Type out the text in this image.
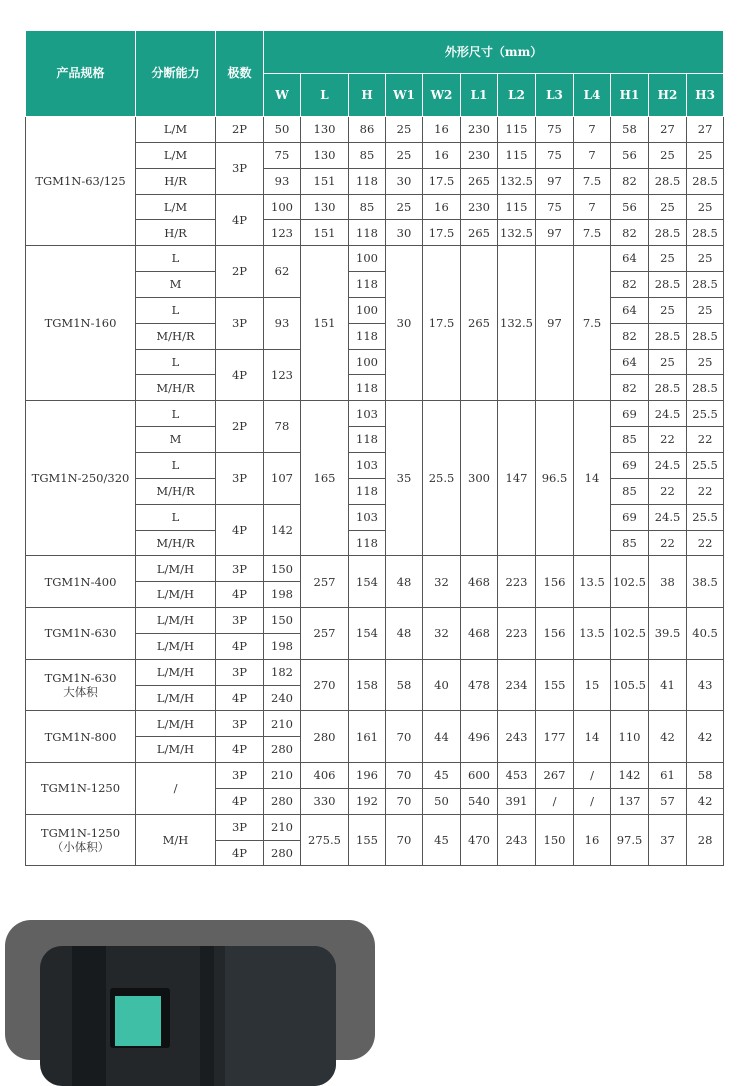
产品规格	分断能力	极数	外形尺寸（mm）											
			W	L	H	W1	W2	L1	L2	L3	L4	H1	H2	H3
TGM1N-63/125	L/M	2P	50	130	86	25	16	230	115	75	7	58	27	27
	L/M	3P	75	130	85	25	16	230	115	75	7	56	25	25
	H/R		93	151	118	30	17.5	265	132.5	97	7.5	82	28.5	28.5
	L/M	4P	100	130	85	25	16	230	115	75	7	56	25	25
	H/R		123	151	118	30	17.5	265	132.5	97	7.5	82	28.5	28.5
TGM1N-160	L	2P	62	151	100	30	17.5	265	132.5	97	7.5	64	25	25
	M				118							82	28.5	28.5
	L	3P	93		100							64	25	25
	M/H/R				118							82	28.5	28.5
	L	4P	123		100							64	25	25
	M/H/R				118							82	28.5	28.5
TGM1N-250/320	L	2P	78	165	103	35	25.5	300	147	96.5	14	69	24.5	25.5
	M				118							85	22	22
	L	3P	107		103							69	24.5	25.5
	M/H/R				118							85	22	22
	L	4P	142		103							69	24.5	25.5
	M/H/R				118							85	22	22
TGM1N-400	L/M/H	3P	150	257	154	48	32	468	223	156	13.5	102.5	38	38.5
	L/M/H	4P	198											
TGM1N-630	L/M/H	3P	150	257	154	48	32	468	223	156	13.5	102.5	39.5	40.5
	L/M/H	4P	198											
TGM1N-630
大体积	L/M/H	3P	182	270	158	58	40	478	234	155	15	105.5	41	43
	L/M/H	4P	240											
TGM1N-800	L/M/H	3P	210	280	161	70	44	496	243	177	14	110	42	42
	L/M/H	4P	280											
TGM1N-1250	/	3P	210	406	196	70	45	600	453	267	/	142	61	58
		4P	280	330	192	70	50	540	391	/	/	137	57	42
TGM1N-1250
（小体积）	M/H	3P	210	275.5	155	70	45	470	243	150	16	97.5	37	28
		4P	280											
